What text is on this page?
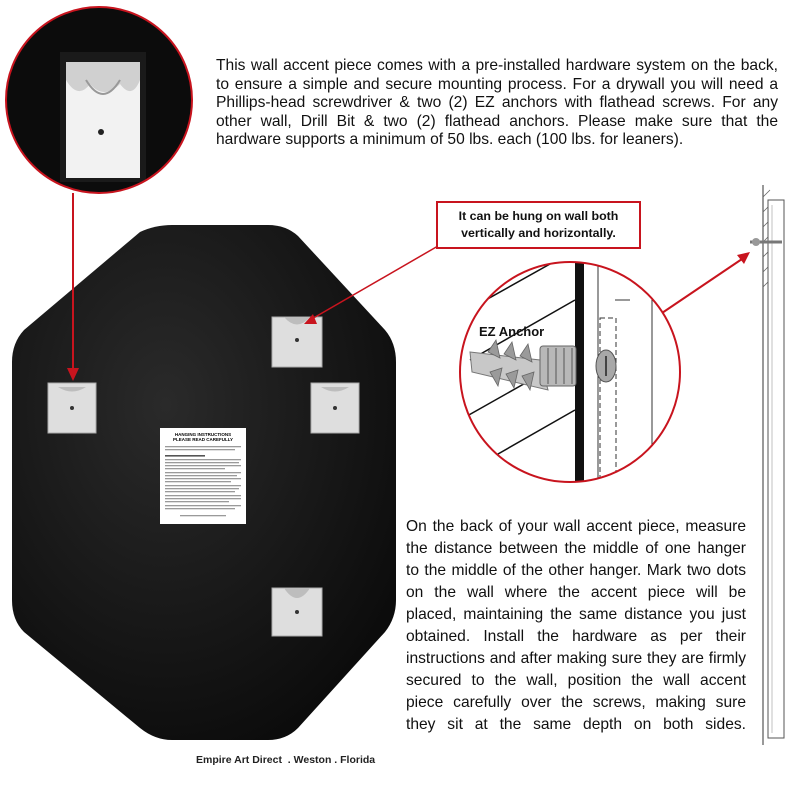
HANGING INSTRUCTIONS
PLEASE READ CAREFULLY
EZ Anchor

This wall accent piece comes with a pre-installed hardware system on the back, to ensure a simple and secure mounting process. For a drywall you will need a Phillips-head screwdriver & two (2) EZ anchors with flathead screws. For any other wall, Drill Bit & two (2) flathead anchors. Please make sure that the hardware supports a minimum of 50 lbs. each (100 lbs. for leaners).

It can be hung on wall both vertically and horizontally.

On the back of your wall accent piece, measure the distance between the middle of one hanger to the middle of the other hanger. Mark two dots on the wall where the accent piece will be placed, maintaining the same distance you just obtained. Install the hardware as per their instructions and after making sure they are firmly secured to the wall, position the wall accent piece carefully over the screws, making sure they sit at the same depth on both sides.

Empire Art Direct  . Weston . Florida
